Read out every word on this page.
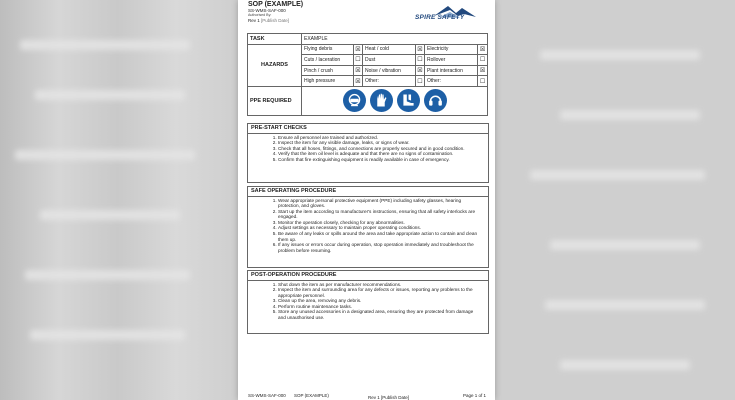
SOP (EXAMPLE)
SS-WMS-SAF-000
Authorised By:
Rev 1 [Publish Date]	SPIRE SAFETY
TASK	EXAMPLE					
HAZARDS	Flying debris	☒	Heat / cold	☒	Electricity	☒
	Cuts / laceration	☐	Dust	☐	Rollover	☐
	Pinch / crush	☒	Noise / vibration	☒	Plant interaction	☒
	High pressure	☒	Other:	☐	Other:	☐
PPE REQUIRED	
PRE-START CHECKS
1. Ensure all personnel are trained and authorized.
2. Inspect the item for any visible damage, leaks, or signs of wear.
3. Check that all hoses, fittings, and connections are properly secured and in good condition.
4. Verify that the item oil level is adequate and that there are no signs of contamination.
5. Confirm that fire extinguishing equipment is readily available in case of emergency.
SAFE OPERATING PROCEDURE
1. Wear appropriate personal protective equipment (PPE) including safety glasses, hearing protection, and gloves.
2. Start up the item according to manufacturer's instructions, ensuring that all safety interlocks are engaged.
3. Monitor the operation closely, checking for any abnormalities.
4. Adjust settings as necessary to maintain proper operating conditions.
5. Be aware of any leaks or spills around the area and take appropriate action to contain and clean them up.
6. If any issues or errors occur during operation, stop operation immediately and troubleshoot the problem before resuming.
POST-OPERATION PROCEDURE
1. Shut down the item as per manufacturer recommendations.
2. Inspect the item and surrounding area for any defects or issues, reporting any problems to the appropriate personnel.
3. Clean up the area, removing any debris.
4. Perform routine maintenance tasks.
5. Store any unused accessories in a designated area, ensuring they are protected from damage and unauthorised use.
SS-WMS-SAF-000 SOP (EXAMPLE)	Rev 1 [Publish Date]	Page 1 of 1
